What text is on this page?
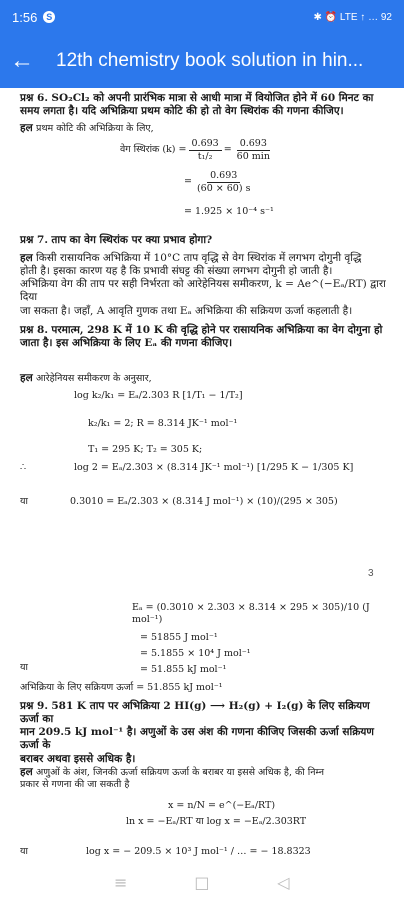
1:56 S	✱ ⏰ LTE ↑ … 92
←	12th chemistry book solution in hin...
प्रश्न 6. SO₂Cl₂ को अपनी प्रारंभिक मात्रा से आधी मात्रा में वियोजित होने में 60 मिनट का
समय लगता है। यदि अभिक्रिया प्रथम कोटि की हो तो वेग स्थिरांक की गणना कीजिए।
हल प्रथम कोटि की अभिक्रिया के लिए,
वेग स्थिरांक $(k) = \frac{0.693}{\text{t₁/₂}} = \frac{0.693}{60 \min}$
= $\frac{0.693}{(60 \times 60) s}$
= 1.925 × 10⁻⁴ s⁻¹
प्रश्न 7. ताप का वेग स्थिरांक पर क्या प्रभाव होगा?
हल किसी रासायनिक अभिक्रिया में 10°C ताप वृद्धि से वेग स्थिरांक में लगभग दोगुनी वृद्धि
होती है। इसका कारण यह है कि प्रभावी संघट्ट की संख्या लगभग दोगुनी हो जाती है।
अभिक्रिया वेग की ताप पर सही निर्भरता को आरेहेनियस समीकरण, k = Ae^(−Eₐ/RT) द्वारा दिया
जा सकता है। जहाँ, A आवृति गुणक तथा Eₐ अभिक्रिया की सक्रियण ऊर्जा कहलाती है।
प्रश्न 8. परमात्म, 298 K में 10 K की वृद्धि होने पर रासायनिक अभिक्रिया का वेग दोगुना हो
जाता है। इस अभिक्रिया के लिए Eₐ की गणना कीजिए।
हल आरेहेनियस समीकरण के अनुसार,
log k₂/k₁ = Eₐ/2.303 R [1/T₁ − 1/T₂]
k₂/k₁ = 2; R = 8.314 JK⁻¹ mol⁻¹
T₁ = 295 K; T₂ = 305 K;
∴	log 2 = Eₐ/2.303 × (8.314 JK⁻¹ mol⁻¹) [1/295 K − 1/305 K]
या	0.3010 = Eₐ/2.303 × (8.314 J mol⁻¹) × (10)/(295 × 305)
3
Eₐ = (0.3010 × 2.303 × 8.314 × 295 × 305)/10 (J mol⁻¹)
= 51855 J mol⁻¹
= 5.1855 × 10⁴ J mol⁻¹
या	= 51.855 kJ mol⁻¹
अभिक्रिया के लिए सक्रियण ऊर्जा = 51.855 kJ mol⁻¹
प्रश्न 9. 581 K ताप पर अभिक्रिया 2 HI(g) ⟶ H₂(g) + I₂(g) के लिए सक्रियण ऊर्जा का
मान 209.5 kJ mol⁻¹ है। अणुओं के उस अंश की गणना कीजिए जिसकी ऊर्जा सक्रियण ऊर्जा के
बराबर अथवा इससे अधिक है।
हल अणुओं के अंश, जिनकी ऊर्जा सक्रियण ऊर्जा के बराबर या इससे अधिक है, की निम्न
प्रकार से गणना की जा सकती है
x = n/N = e^(−Eₐ/RT)
ln x = −Eₐ/RT या log x = −Eₐ/2.303RT
या	log x = − 209.5 × 10³ J mol⁻¹ / … = − 18.8323
≡	□	◁
